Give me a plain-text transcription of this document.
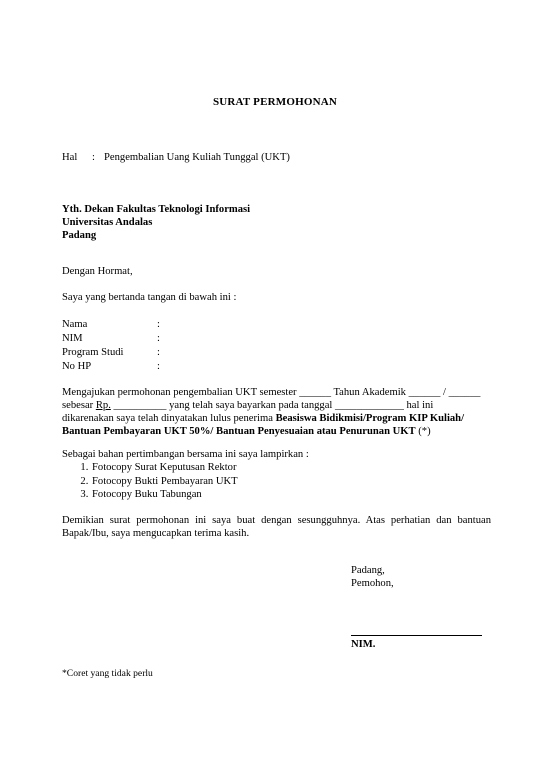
SURAT PERMOHONAN
Hal : Pengembalian Uang Kuliah Tunggal (UKT)
Yth. Dekan Fakultas Teknologi Informasi
Universitas Andalas
Padang
Dengan Hormat,
Saya yang bertanda tangan di bawah ini :
Nama	:
NIM	:
Program Studi	:
No HP	:
Mengajukan permohonan pengembalian UKT semester ______ Tahun Akademik ______ / ______
sebesar Rp. __________ yang telah saya bayarkan pada tanggal _____________ hal ini
dikarenakan saya telah dinyatakan lulus penerima Beasiswa Bidikmisi/Program KIP Kuliah/
Bantuan Pembayaran UKT 50%/ Bantuan Penyesuaian atau Penurunan UKT (*)
Sebagai bahan pertimbangan bersama ini saya lampirkan :
1. Fotocopy Surat Keputusan Rektor
2. Fotocopy Bukti Pembayaran UKT
3. Fotocopy Buku Tabungan
Demikian surat permohonan ini saya buat dengan sesungguhnya. Atas perhatian dan bantuan Bapak/Ibu, saya mengucapkan terima kasih.
Padang,
Pemohon,
NIM.
*Coret yang tidak perlu
